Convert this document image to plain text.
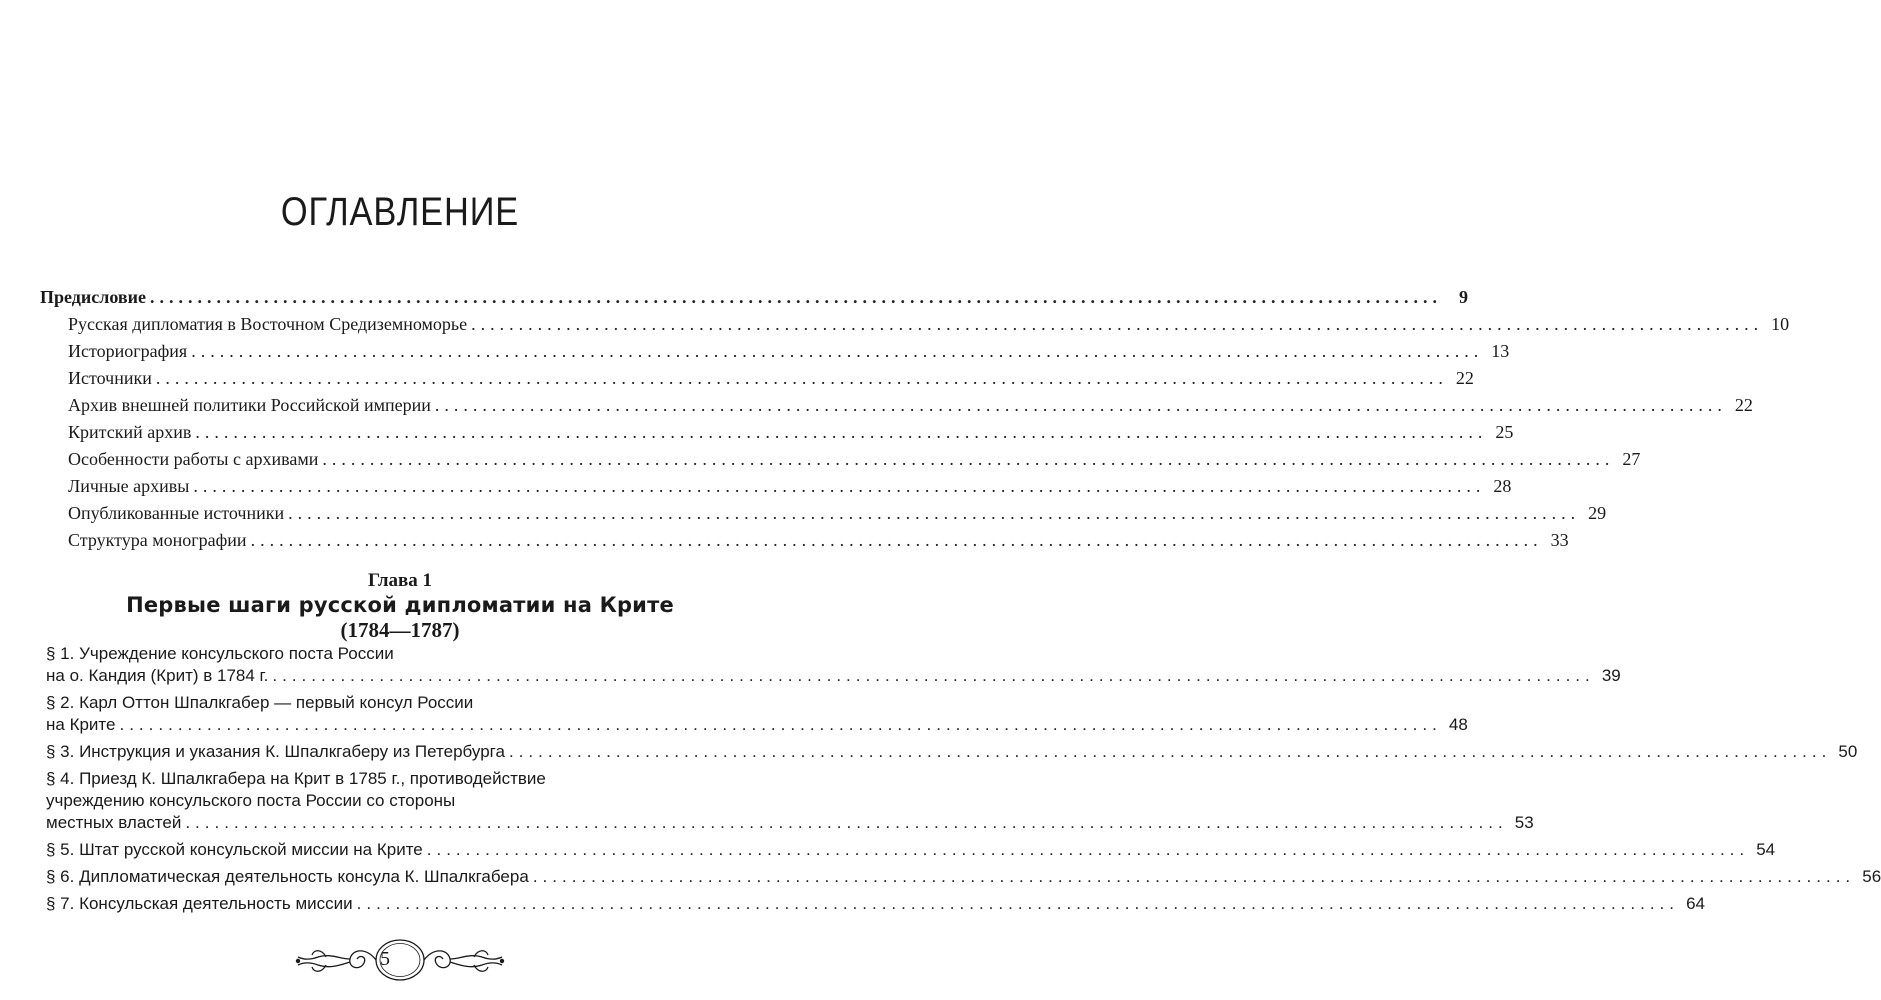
ОГЛАВЛЕНИЕ
Предисловие ........................................................................................................................................ 9
Русская дипломатия в Восточном Средиземноморье ........................................................................................................................................ 10
Историография ........................................................................................................................................ 13
Источники ........................................................................................................................................ 22
Архив внешней политики Российской империи ........................................................................................................................................ 22
Критский архив ........................................................................................................................................ 25
Особенности работы с архивами ........................................................................................................................................ 27
Личные архивы ........................................................................................................................................ 28
Опубликованные источники ........................................................................................................................................ 29
Структура монографии ........................................................................................................................................ 33
Глава 1
Первые шаги русской дипломатии на Крите
(1784—1787)
§ 1. Учреждение консульского поста России
на о. Кандия (Крит) в 1784 г. ........................................................................................................................................ 39
§ 2. Карл Оттон Шпалкгабер — первый консул России
на Крите ........................................................................................................................................ 48
§ 3. Инструкция и указания К. Шпалкгаберу из Петербурга ........................................................................................................................................ 50
§ 4. Приезд К. Шпалкгабера на Крит в 1785 г., противодействие
учреждению консульского поста России со стороны
местных властей ........................................................................................................................................ 53
§ 5. Штат русской консульской миссии на Крите ........................................................................................................................................ 54
§ 6. Дипломатическая деятельность консула К. Шпалкгабера ........................................................................................................................................ 56
§ 7. Консульская деятельность миссии ........................................................................................................................................ 64
5
